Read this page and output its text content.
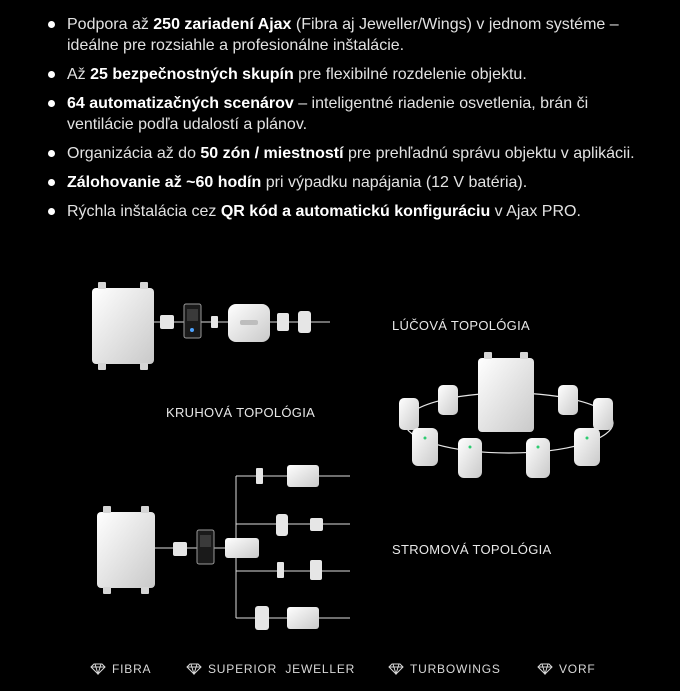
Podpora až 250 zariadení Ajax (Fibra aj Jeweller/Wings) v jednom systéme – ideálne pre rozsiahle a profesionálne inštalácie.
Až 25 bezpečnostných skupín pre flexibilné rozdelenie objektu.
64 automatizačných scenárov – inteligentné riadenie osvetlenia, brán či ventilácie podľa udalostí a plánov.
Organizácia až do 50 zón / miestností pre prehľadnú správu objektu v aplikácii.
Zálohovanie až ~60 hodín pri výpadku napájania (12 V batéria).
Rýchla inštalácia cez QR kód a automatickú konfiguráciu v Ajax PRO.
LÚČOVÁ TOPOLÓGIA
KRUHOVÁ TOPOLÓGIA
STROMOVÁ TOPOLÓGIA
FIBRA	SUPERIOR  JEWELLER	TURBOWINGS	VORF
